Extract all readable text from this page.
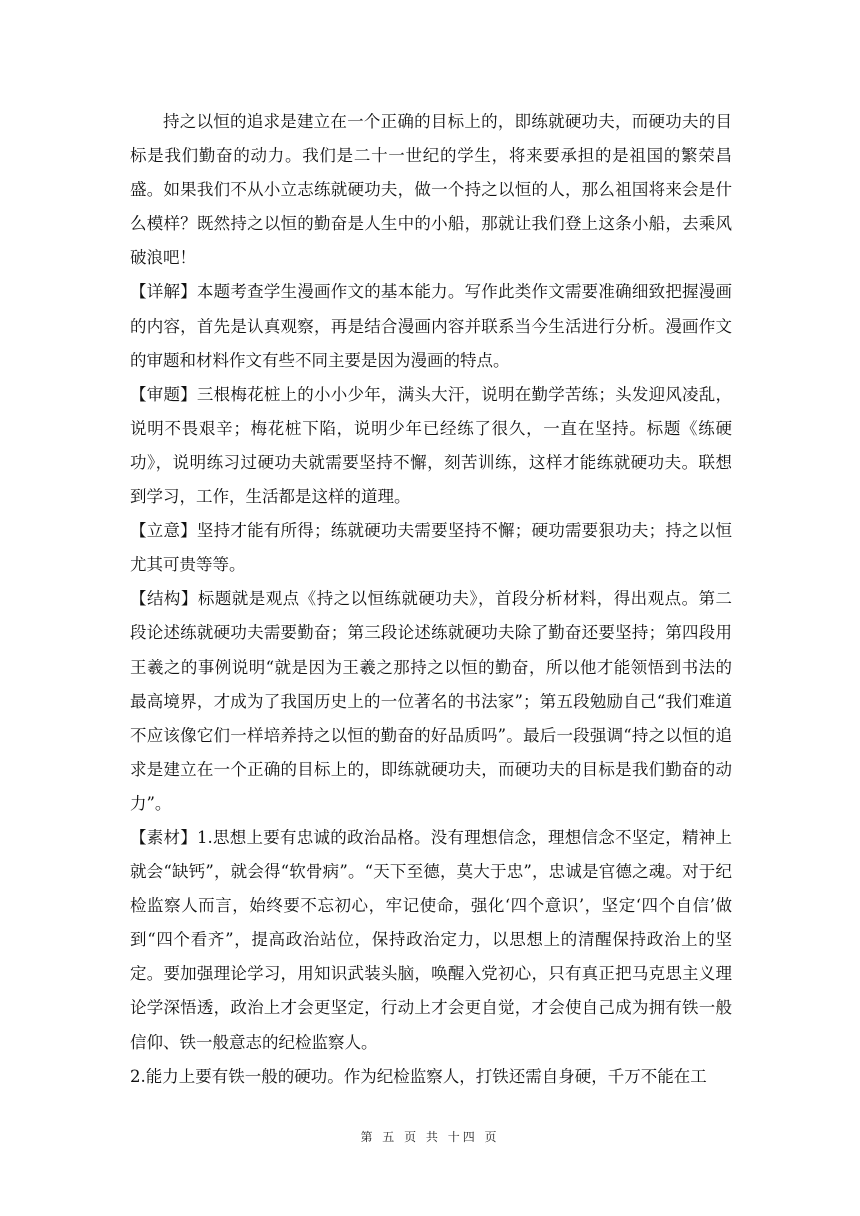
持之以恒的追求是建立在一个正确的目标上的，即练就硬功夫，而硬功夫的目标是我们勤奋的动力。我们是二十一世纪的学生，将来要承担的是祖国的繁荣昌盛。如果我们不从小立志练就硬功夫，做一个持之以恒的人，那么祖国将来会是什么模样？既然持之以恒的勤奋是人生中的小船，那就让我们登上这条小船，去乘风破浪吧！

【详解】本题考查学生漫画作文的基本能力。写作此类作文需要准确细致把握漫画的内容，首先是认真观察，再是结合漫画内容并联系当今生活进行分析。漫画作文的审题和材料作文有些不同主要是因为漫画的特点。

【审题】三根梅花桩上的小小少年，满头大汗，说明在勤学苦练；头发迎风凌乱，说明不畏艰辛；梅花桩下陷，说明少年已经练了很久，一直在坚持。标题《练硬功》，说明练习过硬功夫就需要坚持不懈，刻苦训练，这样才能练就硬功夫。联想到学习，工作，生活都是这样的道理。

【立意】坚持才能有所得；练就硬功夫需要坚持不懈；硬功需要狠功夫；持之以恒尤其可贵等等。

【结构】标题就是观点《持之以恒练就硬功夫》，首段分析材料，得出观点。第二段论述练就硬功夫需要勤奋；第三段论述练就硬功夫除了勤奋还要坚持；第四段用王羲之的事例说明“就是因为王羲之那持之以恒的勤奋，所以他才能领悟到书法的最高境界，才成为了我国历史上的一位著名的书法家”；第五段勉励自己“我们难道不应该像它们一样培养持之以恒的勤奋的好品质吗”。最后一段强调“持之以恒的追求是建立在一个正确的目标上的，即练就硬功夫，而硬功夫的目标是我们勤奋的动力”。

【素材】1.思想上要有忠诚的政治品格。没有理想信念，理想信念不坚定，精神上就会“缺钙”，就会得“软骨病”。“天下至德，莫大于忠”，忠诚是官德之魂。对于纪检监察人而言，始终要不忘初心，牢记使命，强化‘四个意识’，坚定‘四个自信’做到“四个看齐”，提高政治站位，保持政治定力，以思想上的清醒保持政治上的坚定。要加强理论学习，用知识武装头脑，唤醒入党初心，只有真正把马克思主义理论学深悟透，政治上才会更坚定，行动上才会更自觉，才会使自己成为拥有铁一般信仰、铁一般意志的纪检监察人。

2.能力上要有铁一般的硬功。作为纪检监察人，打铁还需自身硬，千万不能在工

第 五 页 共 十四 页
